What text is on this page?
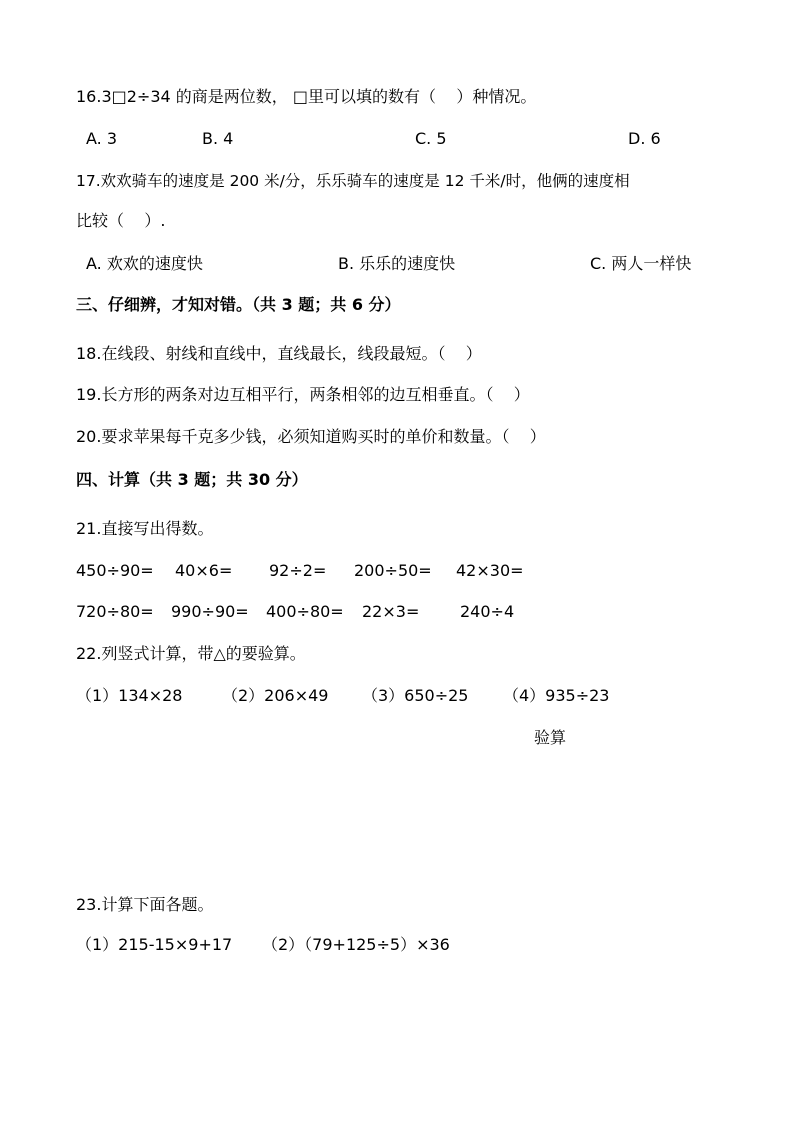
16.3□2÷34 的商是两位数， □里可以填的数有（    ）种情况。
A. 3	B. 4	C. 5	D. 6
17.欢欢骑车的速度是 200 米/分，乐乐骑车的速度是 12 千米/时，他俩的速度相
比较（    ）.
A. 欢欢的速度快	B. 乐乐的速度快	C. 两人一样快
三、仔细辨，才知对错。（共 3 题；共 6 分）
18.在线段、射线和直线中，直线最长，线段最短。（    ）
19.长方形的两条对边互相平行，两条相邻的边互相垂直。（    ）
20.要求苹果每千克多少钱，必须知道购买时的单价和数量。（    ）
四、计算（共 3 题；共 30 分）
21.直接写出得数。
450÷90= 40×6= 92÷2= 200÷50= 42×30=
720÷80= 990÷90= 400÷80= 22×3=	240÷4
22.列竖式计算，带△的要验算。
（1）134×28 （2）206×49 （3）650÷25 （4）935÷23
验算
23.计算下面各题。
（1）215-15×9+17 （2）（79+125÷5）×36
